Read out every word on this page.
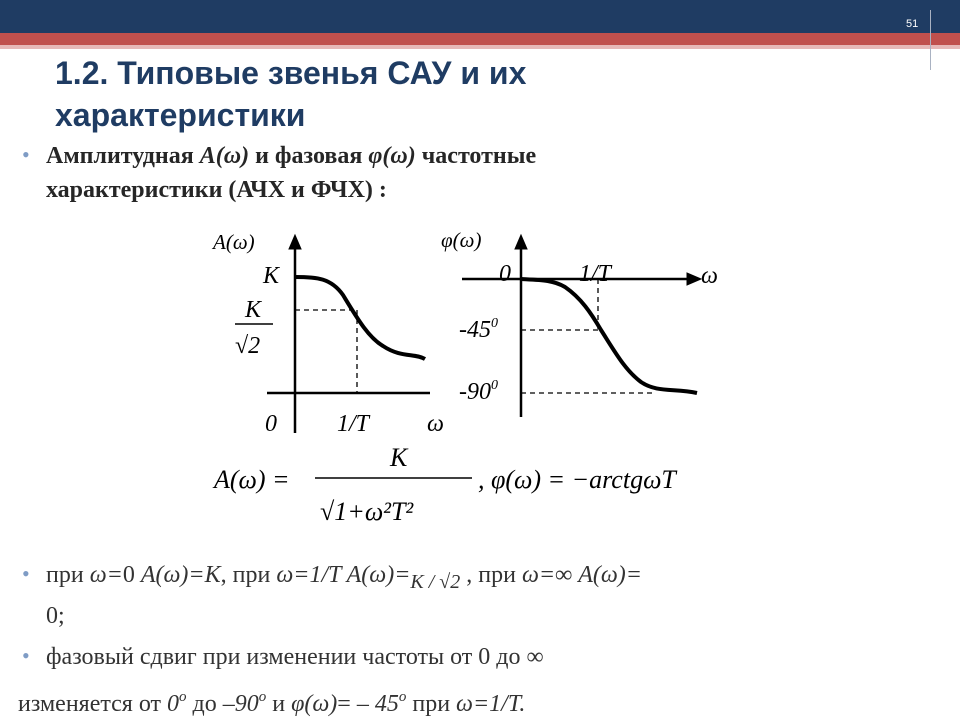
51
1.2. Типовые звенья САУ и их характеристики
• Амплитудная A(ω) и фазовая φ(ω) частотные
характеристики (АЧХ и ФЧХ) :
A(ω)
K
K
√2
0	1/T ω
φ(ω)
0	1/T	ω
$-45^0$
$-90^0$
A(ω) =
K
√1+ω²T²
, φ(ω) = −arctgωT
• при ω=0 A(ω)=K, при ω=1/T $A(\omega)=_{K / √2}$ , при ω=∞ A(ω)=
0;
• фазовый сдвиг при изменении частоты от 0 до ∞
изменяется от 0$^o$ до –90$^o$ и φ(ω)= – 45$^o$ при ω=1/T.
